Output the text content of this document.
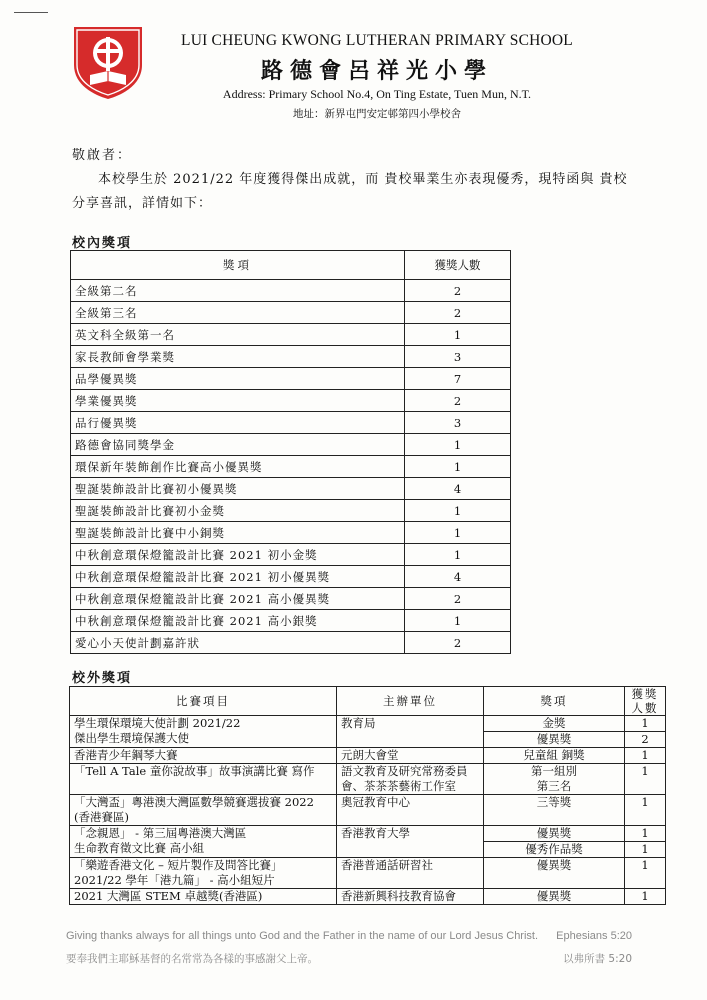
LUI CHEUNG KWONG LUTHERAN PRIMARY SCHOOL
路德會呂祥光小學
Address: Primary School No.4, On Ting Estate, Tuen Mun, N.T.
地址：新界屯門安定邨第四小學校舍
敬啟者：
本校學生於 2021/22 年度獲得傑出成就，而 貴校畢業生亦表現優秀，現特函與 貴校分享喜訊，詳情如下：
校內獎項
獎項	獲獎人數
全級第二名	2
全級第三名	2
英文科全級第一名	1
家長教師會學業獎	3
品學優異獎	7
學業優異獎	2
品行優異獎	3
路德會協同獎學金	1
環保新年裝飾創作比賽高小優異獎	1
聖誕裝飾設計比賽初小優異獎	4
聖誕裝飾設計比賽初小金獎	1
聖誕裝飾設計比賽中小銅獎	1
中秋創意環保燈籠設計比賽 2021 初小金獎	1
中秋創意環保燈籠設計比賽 2021 初小優異獎	4
中秋創意環保燈籠設計比賽 2021 高小優異獎	2
中秋創意環保燈籠設計比賽 2021 高小銀獎	1
愛心小天使計劃嘉許狀	2
校外獎項
比賽項目	主辦單位	獎項	獲獎
人數
學生環保環境大使計劃 2021/22
傑出學生環境保護大使	教育局	金獎	1
		優異獎	2
香港青少年鋼琴大賽	元朗大會堂	兒童組 銅獎	1
「Tell A Tale 童你說故事」故事演講比賽 寫作	語文教育及研究常務委員
會、茶茶茶藝術工作室	第一組別
第三名	1
「大灣盃」粵港澳大灣區數學競賽選拔賽 2022
(香港賽區)	奧冠教育中心	三等獎	1
「念親恩」 - 第三屆粵港澳大灣區
生命教育徵文比賽 高小組	香港教育大學	優異獎	1
		優秀作品獎	1
「樂遊香港文化 – 短片製作及問答比賽」
2021/22 學年「港九篇」 - 高小組短片	香港普通話研習社	優異獎	1
2021 大灣區 STEM 卓越獎(香港區)	香港新興科技教育協會	優異獎	1
Giving thanks always for all things unto God and the Father in the name of our Lord Jesus Christ. Ephesians 5:20
要奉我們主耶穌基督的名常常為各樣的事感謝父上帝。	以弗所書 5:20
